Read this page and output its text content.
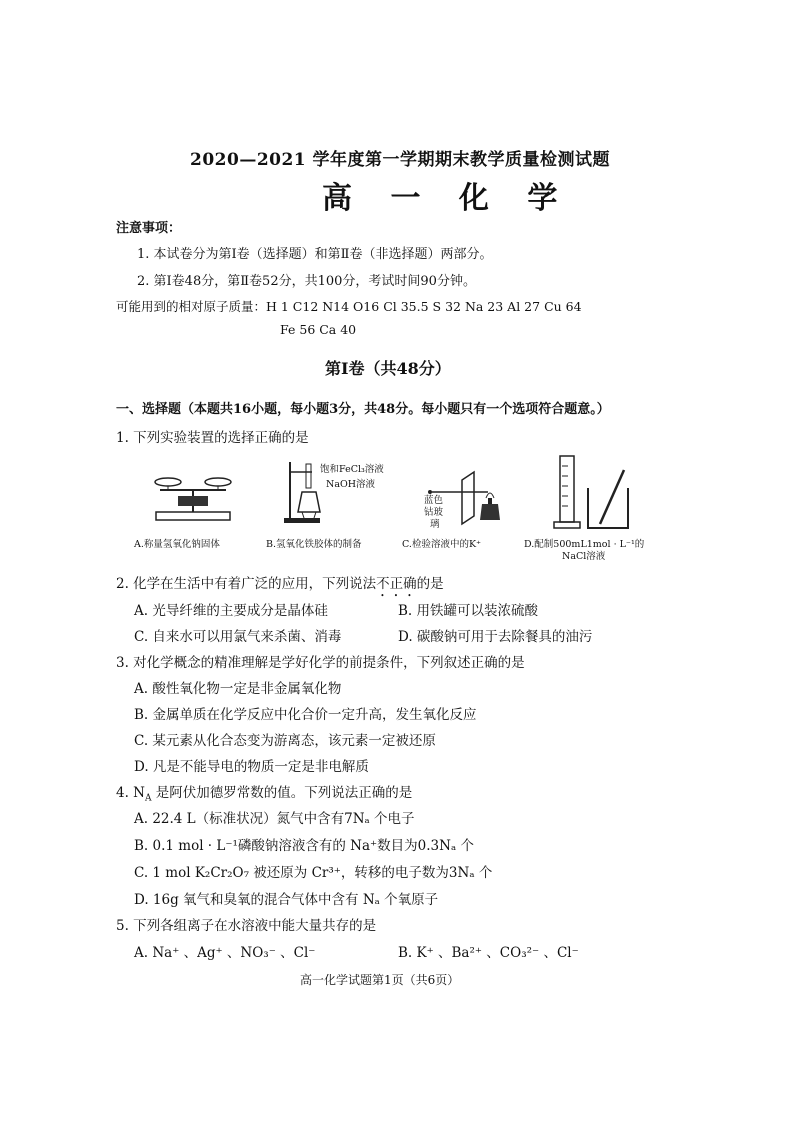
2020—2021 学年度第一学期期末教学质量检测试题
高 一 化 学
注意事项：
1. 本试卷分为第Ⅰ卷（选择题）和第Ⅱ卷（非选择题）两部分。
2. 第Ⅰ卷48分，第Ⅱ卷52分，共100分，考试时间90分钟。
可能用到的相对原子质量：H 1 C12 N14 O16 Cl 35.5 S 32 Na 23 Al 27 Cu 64
Fe 56 Ca 40
第Ⅰ卷（共48分）
一、选择题（本题共16小题，每小题3分，共48分。每小题只有一个选项符合题意。）
1. 下列实验装置的选择正确的是
A.称量氢氧化钠固体
饱和FeCl₃溶液
NaOH溶液
B.氢氧化铁胶体的制备
蓝色
钴玻
璃
C.检验溶液中的K⁺	D.配制500mL1mol · L⁻¹的
NaCl溶液
2. 化学在生活中有着广泛的应用，下列说法不正确的是
A. 光导纤维的主要成分是晶体硅	B. 用铁罐可以装浓硫酸
C. 自来水可以用氯气来杀菌、消毒	D. 碳酸钠可用于去除餐具的油污
3. 对化学概念的精准理解是学好化学的前提条件，下列叙述正确的是
A. 酸性氧化物一定是非金属氧化物
B. 金属单质在化学反应中化合价一定升高，发生氧化反应
C. 某元素从化合态变为游离态，该元素一定被还原
D. 凡是不能导电的物质一定是非电解质
4. $N_A$ 是阿伏加德罗常数的值。下列说法正确的是
A. 22.4 L（标准状况）氮气中含有7Nₐ 个电子
B. 0.1 mol · L⁻¹磷酸钠溶液含有的 Na⁺数目为0.3Nₐ 个
C. 1 mol K₂Cr₂O₇ 被还原为 Cr³⁺，转移的电子数为3Nₐ 个
D. 16g 氧气和臭氧的混合气体中含有 Nₐ 个氧原子
5. 下列各组离子在水溶液中能大量共存的是
A. Na⁺ 、Ag⁺ 、NO₃⁻ 、Cl⁻	B. K⁺ 、Ba²⁺ 、CO₃²⁻ 、Cl⁻
高一化学试题第1页（共6页）
